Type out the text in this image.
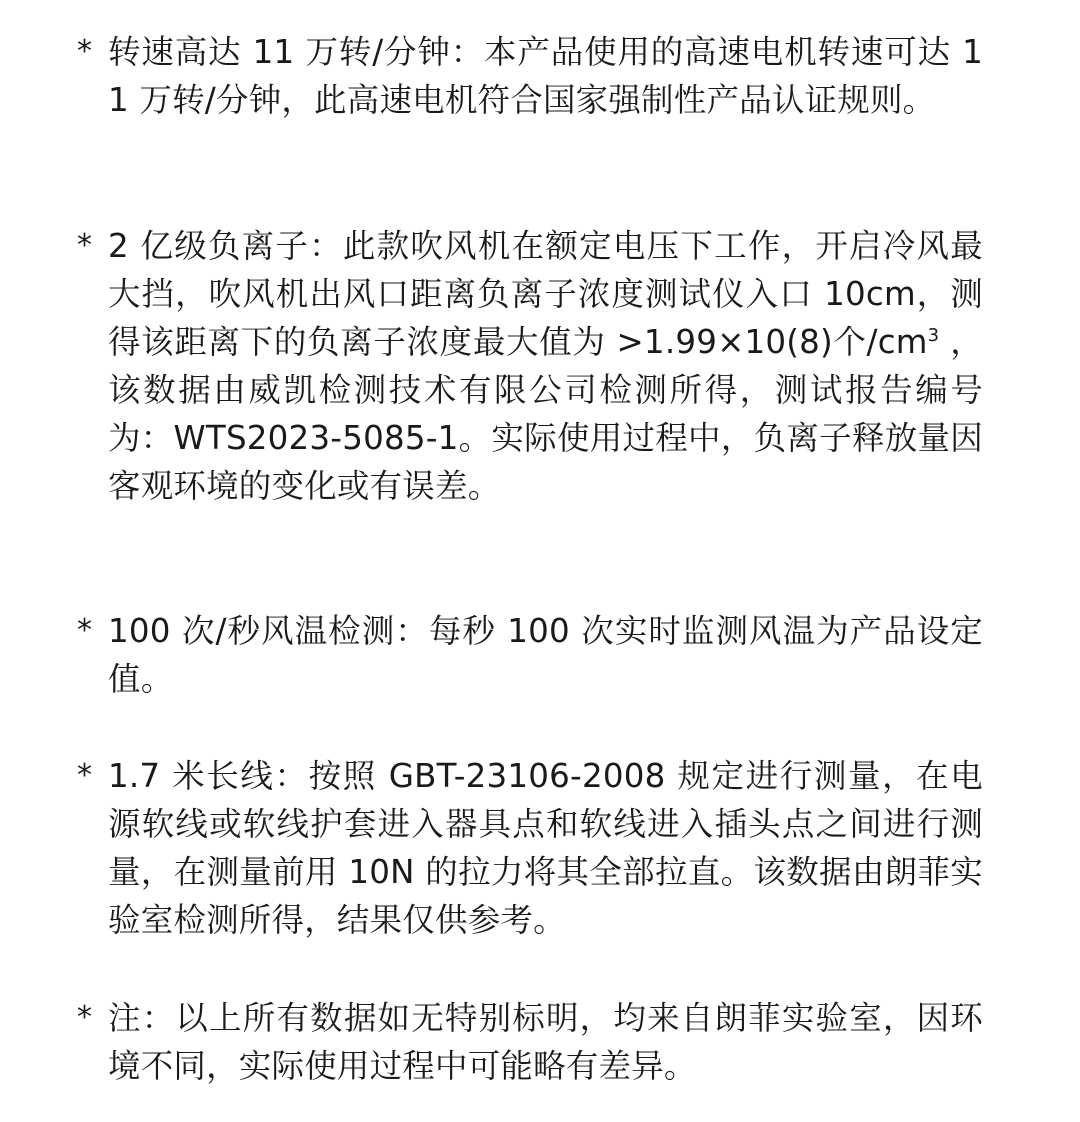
* 转速高达 11 万转/分钟：本产品使用的高速电机转速可达 11 万转/分钟，此高速电机符合国家强制性产品认证规则。
* 2 亿级负离子：此款吹风机在额定电压下工作，开启冷风最大挡，吹风机出风口距离负离子浓度测试仪入口 10cm，测得该距离下的负离子浓度最大值为 >1.99×10(8)个$/cm^3$ ，该数据由威凯检测技术有限公司检测所得，测试报告编号为：WTS2023-5085-1。实际使用过程中，负离子释放量因客观环境的变化或有误差。
* 100 次/秒风温检测：每秒 100 次实时监测风温为产品设定值。
* 1.7 米长线：按照 GBT-23106-2008 规定进行测量，在电源软线或软线护套进入器具点和软线进入插头点之间进行测量，在测量前用 10N 的拉力将其全部拉直。该数据由朗菲实验室检测所得，结果仅供参考。
* 注：以上所有数据如无特别标明，均来自朗菲实验室，因环境不同，实际使用过程中可能略有差异。
